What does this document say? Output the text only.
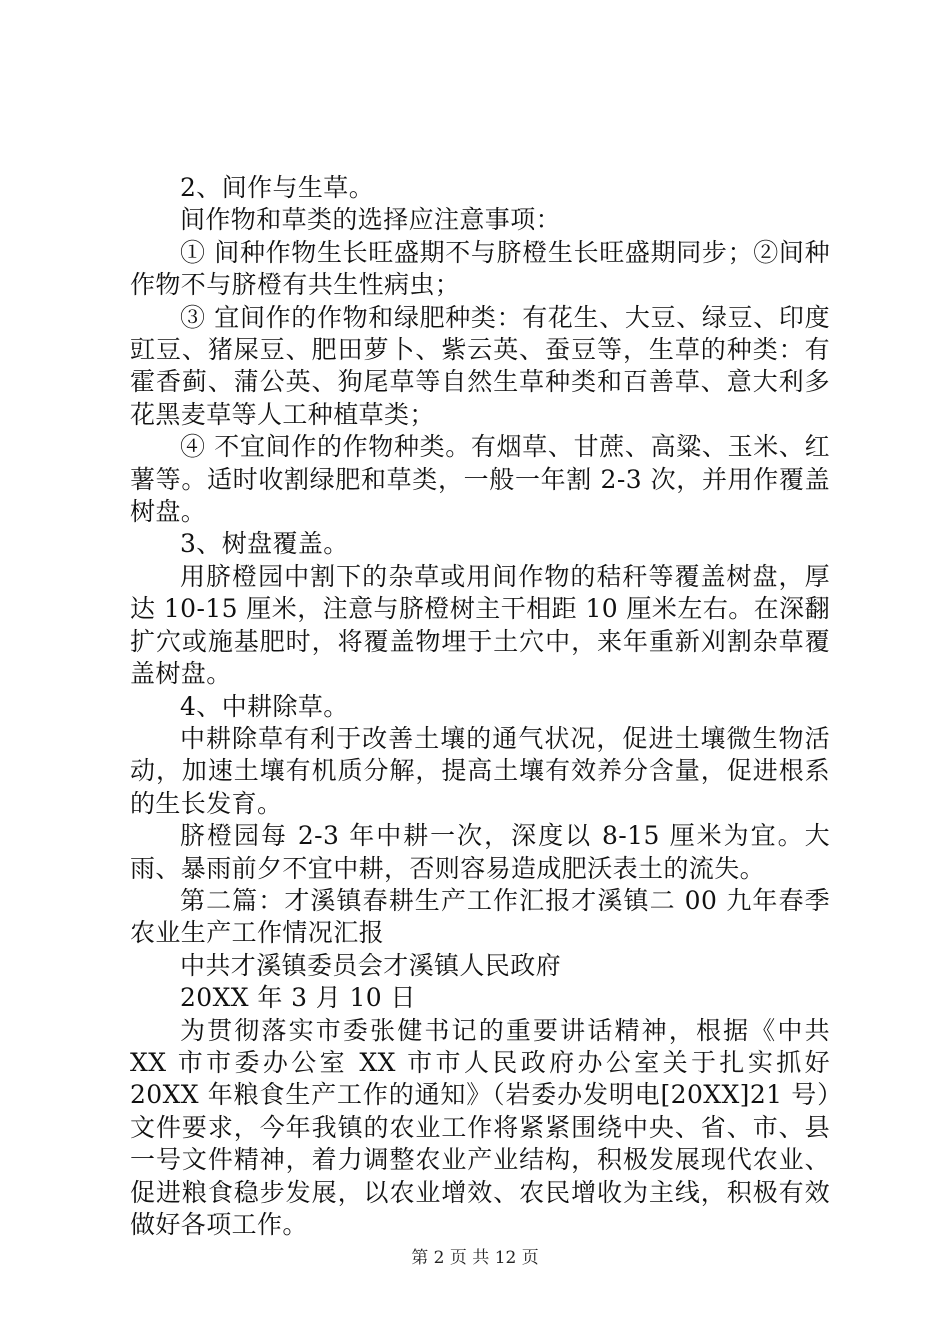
2、间作与生草。

间作物和草类的选择应注意事项：

① 间种作物生长旺盛期不与脐橙生长旺盛期同步；②间种作物不与脐橙有共生性病虫；

③ 宜间作的作物和绿肥种类：有花生、大豆、绿豆、印度豇豆、猪屎豆、肥田萝卜、紫云英、蚕豆等，生草的种类：有霍香蓟、蒲公英、狗尾草等自然生草种类和百善草、意大利多花黑麦草等人工种植草类；

④ 不宜间作的作物种类。有烟草、甘蔗、高粱、玉米、红薯等。适时收割绿肥和草类，一般一年割 2-3 次，并用作覆盖树盘。

3、树盘覆盖。

用脐橙园中割下的杂草或用间作物的秸秆等覆盖树盘，厚达 10-15 厘米，注意与脐橙树主干相距 10 厘米左右。在深翻扩穴或施基肥时，将覆盖物埋于土穴中，来年重新刈割杂草覆盖树盘。

4、中耕除草。

中耕除草有利于改善土壤的通气状况，促进土壤微生物活动，加速土壤有机质分解，提高土壤有效养分含量，促进根系的生长发育。

脐橙园每 2-3 年中耕一次，深度以 8-15 厘米为宜。大雨、暴雨前夕不宜中耕，否则容易造成肥沃表土的流失。

第二篇：才溪镇春耕生产工作汇报才溪镇二 00 九年春季农业生产工作情况汇报

中共才溪镇委员会才溪镇人民政府

20XX 年 3 月 10 日

为贯彻落实市委张健书记的重要讲话精神，根据《中共 XX 市市委办公室 XX 市市人民政府办公室关于扎实抓好 20XX 年粮食生产工作的通知》（岩委办发明电[20XX]21 号）文件要求，今年我镇的农业工作将紧紧围绕中央、省、市、县一号文件精神，着力调整农业产业结构，积极发展现代农业、促进粮食稳步发展，以农业增效、农民增收为主线，积极有效做好各项工作。

第 2 页 共 12 页
